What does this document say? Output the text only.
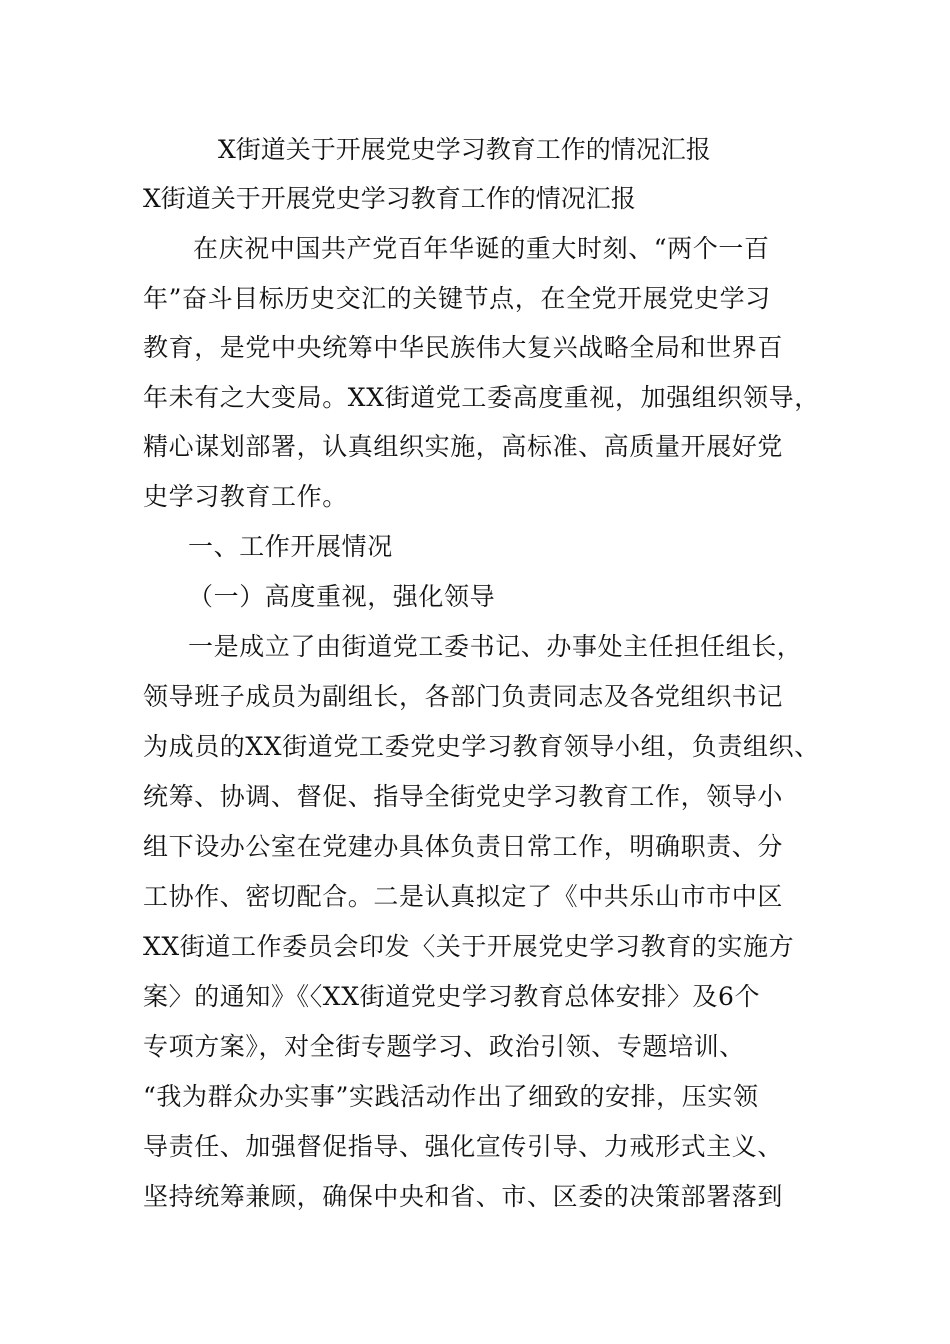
X街道关于开展党史学习教育工作的情况汇报
X街道关于开展党史学习教育工作的情况汇报
在庆祝中国共产党百年华诞的重大时刻、“两个一百
年”奋斗目标历史交汇的关键节点，在全党开展党史学习
教育，是党中央统筹中华民族伟大复兴战略全局和世界百
年未有之大变局。XX街道党工委高度重视，加强组织领导，
精心谋划部署，认真组织实施，高标准、高质量开展好党
史学习教育工作。
一、工作开展情况
（一）高度重视，强化领导
一是成立了由街道党工委书记、办事处主任担任组长，
领导班子成员为副组长，各部门负责同志及各党组织书记
为成员的XX街道党工委党史学习教育领导小组，负责组织、
统筹、协调、督促、指导全街党史学习教育工作，领导小
组下设办公室在党建办具体负责日常工作，明确职责、分
工协作、密切配合。二是认真拟定了《中共乐山市市中区
XX街道工作委员会印发〈关于开展党史学习教育的实施方
案〉的通知》《〈XX街道党史学习教育总体安排〉及6个
专项方案》，对全街专题学习、政治引领、专题培训、
“我为群众办实事”实践活动作出了细致的安排，压实领
导责任、加强督促指导、强化宣传引导、力戒形式主义、
坚持统筹兼顾，确保中央和省、市、区委的决策部署落到
